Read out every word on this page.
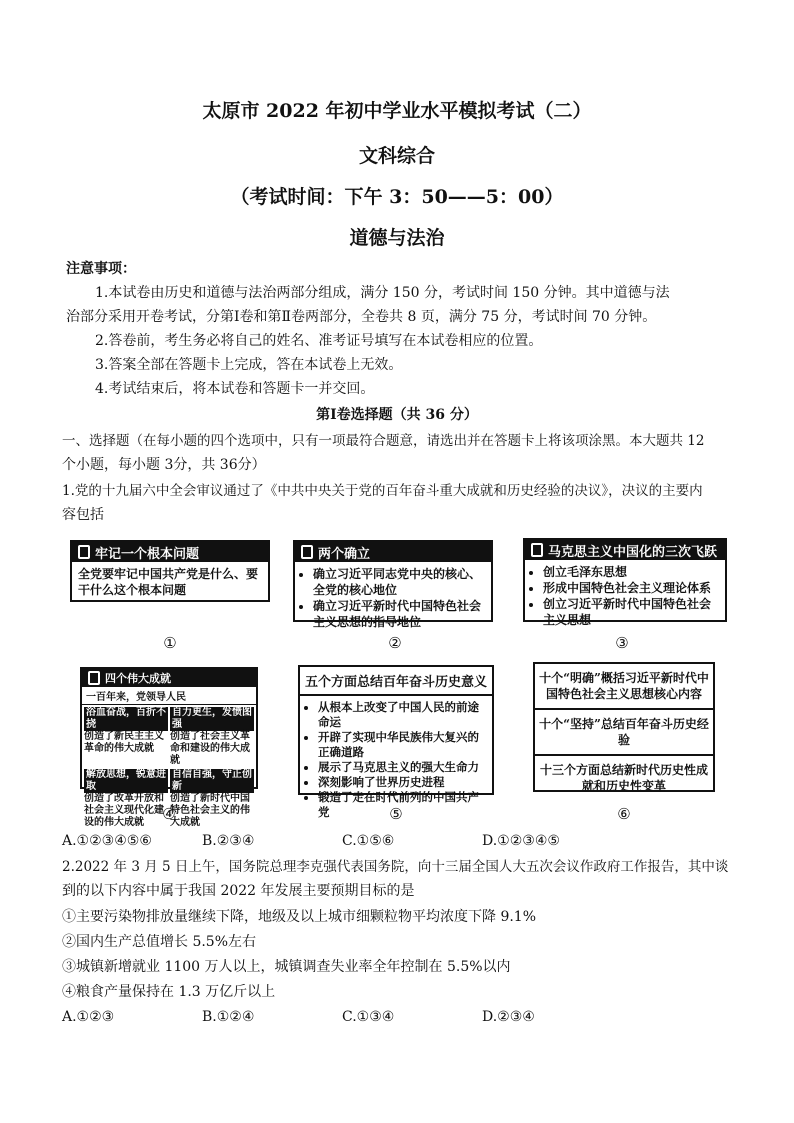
太原市 2022 年初中学业水平模拟考试（二）
文科综合
（考试时间：下午 3：50——5：00）
道德与法治
注意事项：
1.本试卷由历史和道德与法治两部分组成，满分 150 分，考试时间 150 分钟。其中道德与法
治部分采用开卷考试，分第Ⅰ卷和第Ⅱ卷两部分，全卷共 8 页，满分 75 分，考试时间 70 分钟。
2.答卷前，考生务必将自己的姓名、准考证号填写在本试卷相应的位置。
3.答案全部在答题卡上完成，答在本试卷上无效。
4.考试结束后，将本试卷和答题卡一并交回。
第Ⅰ卷选择题（共 36 分）
一、选择题（在每小题的四个选项中，只有一项最符合题意，请选出并在答题卡上将该项涂黑。本大题共 12
个小题，每小题 3分，共 36分）
1.党的十九届六中全会审议通过了《中共中央关于党的百年奋斗重大成就和历史经验的决议》，决议的主要内
容包括
牢记一个根本问题
全党要牢记中国共产党是什么、要干什么这个根本问题
①
两个确立
• 确立习近平同志党中央的核心、全党的核心地位
• 确立习近平新时代中国特色社会主义思想的指导地位
②
马克思主义中国化的三次飞跃
• 创立毛泽东思想
• 形成中国特色社会主义理论体系
• 创立习近平新时代中国特色社会主义思想
③
四个伟大成就
一百年来，党领导人民
浴血奋战，百折不挠
创造了新民主主义革命的伟大成就
自力更生，发愤图强
创造了社会主义革命和建设的伟大成就
解放思想，锐意进取
创造了改革开放和社会主义现代化建设的伟大成就
自信自强，守正创新
创造了新时代中国特色社会主义的伟大成就
④
五个方面总结百年奋斗历史意义
• 从根本上改变了中国人民的前途命运
• 开辟了实现中华民族伟大复兴的正确道路
• 展示了马克思主义的强大生命力
• 深刻影响了世界历史进程
• 锻造了走在时代前列的中国共产党	⑤
十个“明确”概括习近平新时代中国特色社会主义思想核心内容
十个“坚持”总结百年奋斗历史经验
十三个方面总结新时代历史性成就和历史性变革
⑥
A.①②③④⑤⑥	B.②③④	C.①⑤⑥	D.①②③④⑤
2.2022 年 3 月 5 日上午，国务院总理李克强代表国务院，向十三届全国人大五次会议作政府工作报告，其中谈
到的以下内容中属于我国 2022 年发展主要预期目标的是
①主要污染物排放量继续下降，地级及以上城市细颗粒物平均浓度下降 9.1%
②国内生产总值增长 5.5%左右
③城镇新增就业 1100 万人以上，城镇调查失业率全年控制在 5.5%以内
④粮食产量保持在 1.3 万亿斤以上
A.①②③	B.①②④	C.①③④	D.②③④
